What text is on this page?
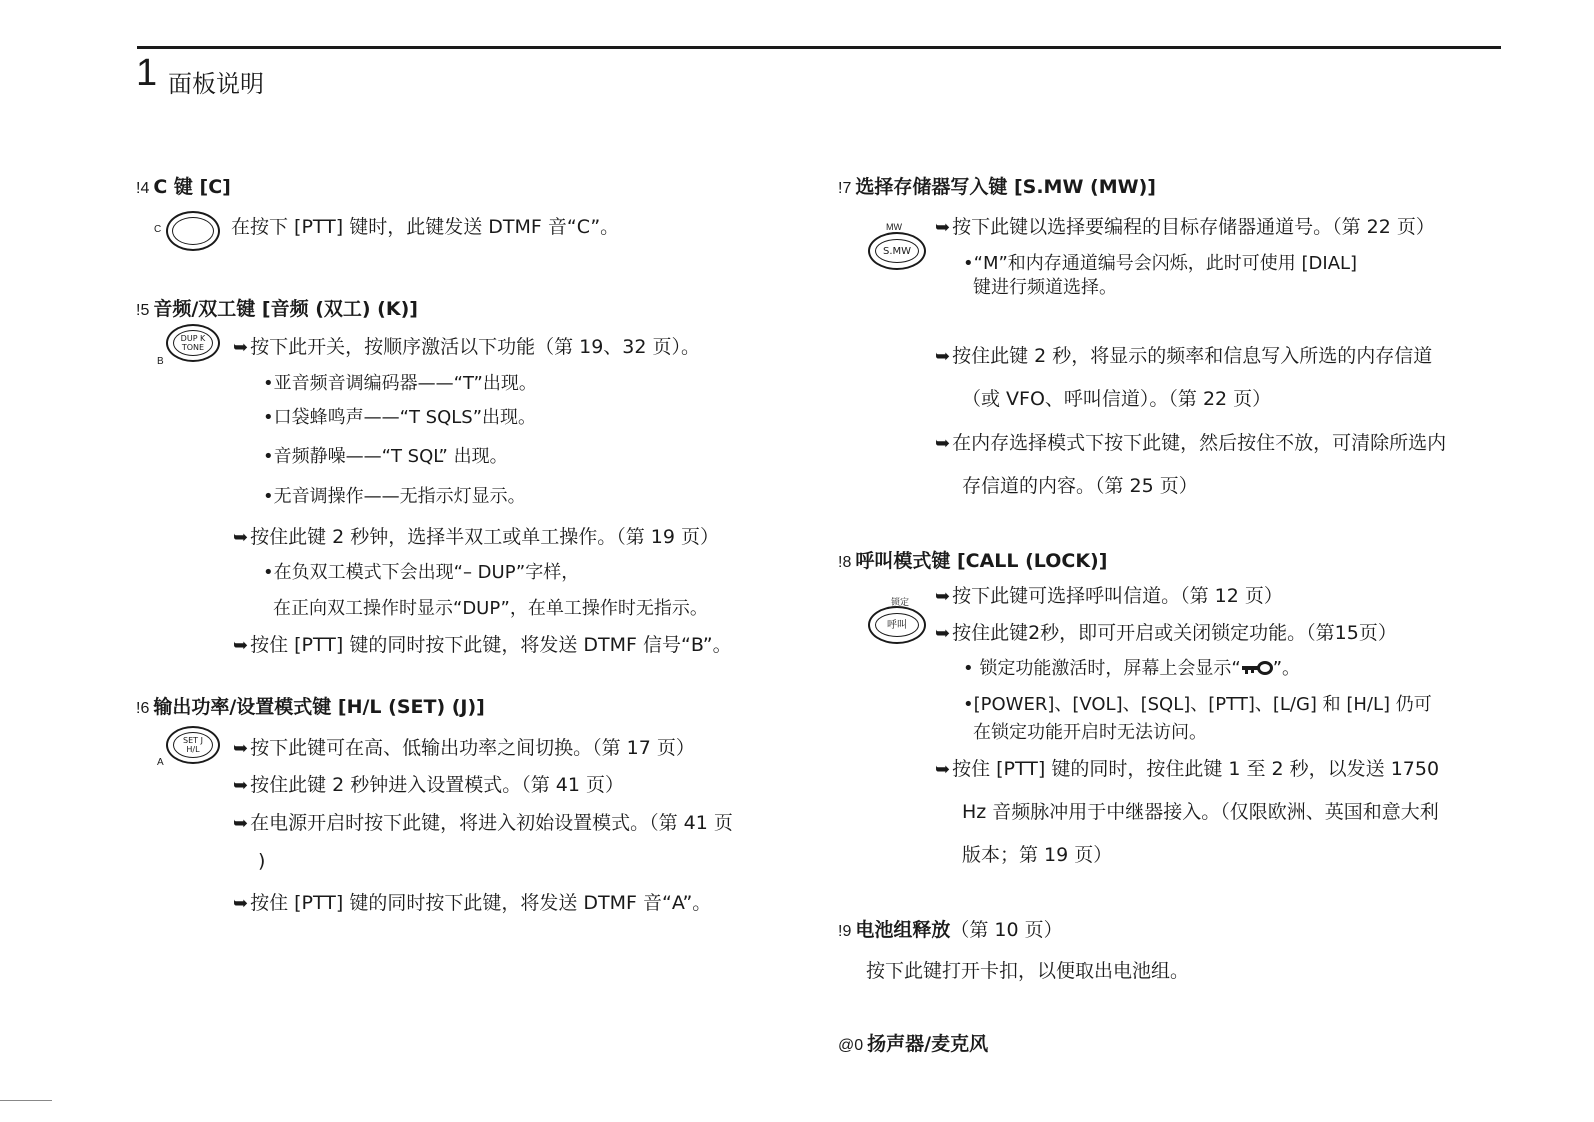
1 面板说明
!4 C 键 [C]
C	在按下 [PTT] 键时，此键发送 DTMF 音“C”。
!5 音频/双工键 [音频 (双工) (K)]
DUP K
TONE
B
➥ 按下此开关，按顺序激活以下功能（第 19、32 页）。
•亚音频音调编码器——“T”出现。
•口袋蜂鸣声——“T SQLS”出现。
•音频静噪——“T SQL” 出现。
•无音调操作——无指示灯显示。
➥ 按住此键 2 秒钟，选择半双工或单工操作。（第 19 页）
•在负双工模式下会出现“– DUP”字样，
在正向双工操作时显示“DUP”，在单工操作时无指示。
➥ 按住 [PTT] 键的同时按下此键，将发送 DTMF 信号“B”。
!6 输出功率/设置模式键 [H/L (SET) (J)]
SET J
H/L
A
➥ 按下此键可在高、低输出功率之间切换。（第 17 页）
➥ 按住此键 2 秒钟进入设置模式。（第 41 页）
➥ 在电源开启时按下此键，将进入初始设置模式。（第 41 页
)
➥ 按住 [PTT] 键的同时按下此键，将发送 DTMF 音“A”。
!7 选择存储器写入键 [S.MW (MW)]
MW
S.MW
➥ 按下此键以选择要编程的目标存储器通道号。（第 22 页）
•“M”和内存通道编号会闪烁，此时可使用 [DIAL]
键进行频道选择。
➥ 按住此键 2 秒，将显示的频率和信息写入所选的内存信道
（或 VFO、呼叫信道）。（第 22 页）
➥ 在内存选择模式下按下此键，然后按住不放，可清除所选内
存信道的内容。（第 25 页）
!8 呼叫模式键 [CALL (LOCK)]
锁定
呼叫
➥ 按下此键可选择呼叫信道。（第 12 页）
➥ 按住此键2秒，即可开启或关闭锁定功能。（第15页）
• 锁定功能激活时，屏幕上会显示“ ”。
•[POWER]、[VOL]、[SQL]、[PTT]、[L/G] 和 [H/L] 仍可
在锁定功能开启时无法访问。
➥ 按住 [PTT] 键的同时，按住此键 1 至 2 秒，以发送 1750
Hz 音频脉冲用于中继器接入。（仅限欧洲、英国和意大利
版本；第 19 页）
!9 电池组释放（第 10 页）
按下此键打开卡扣，以便取出电池组。
@0 扬声器/麦克风
